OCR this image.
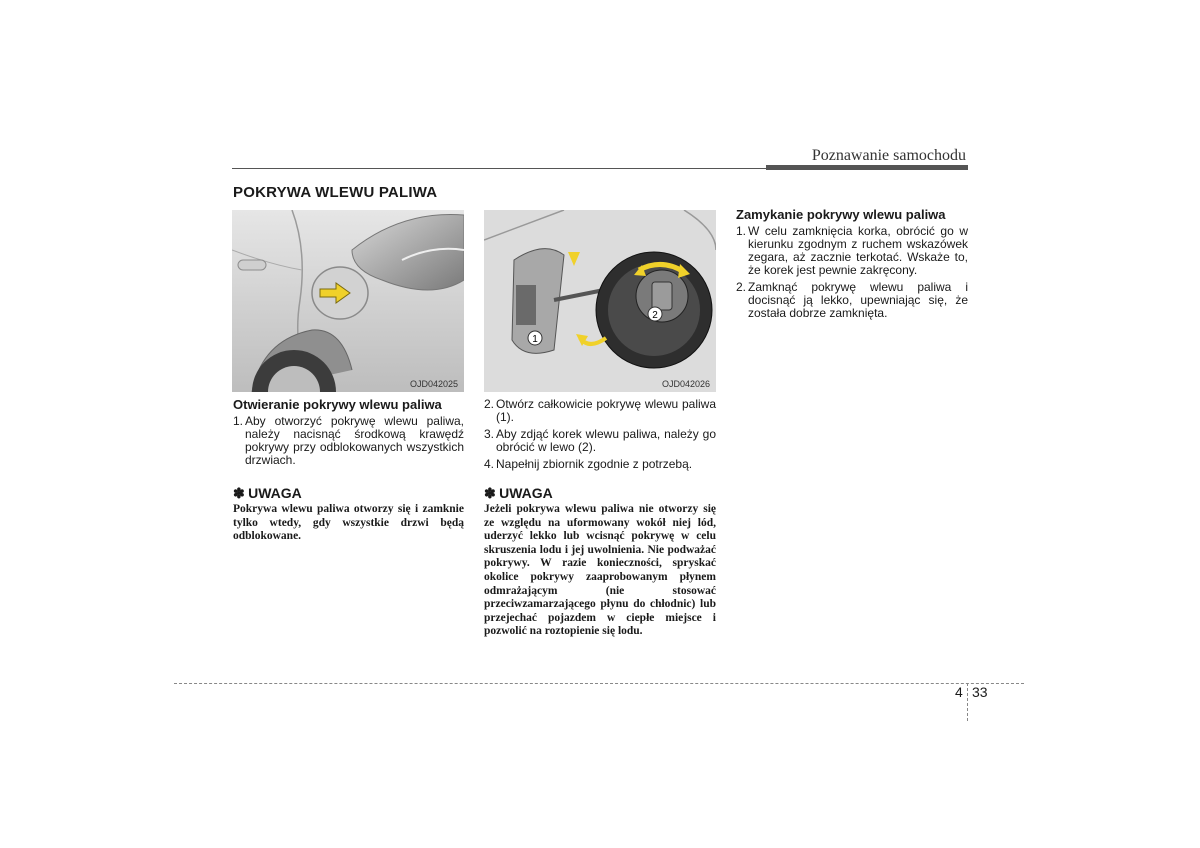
Poznawanie samochodu
POKRYWA WLEWU PALIWA
OJD042025
1
2
OJD042026
Otwieranie pokrywy wlewu paliwa
1. Aby otworzyć pokrywę wlewu paliwa, należy nacisnąć środkową krawędź pokrywy przy odblokowanych wszystkich drzwiach.
✽ UWAGA
Pokrywa wlewu paliwa otworzy się i zamknie tylko wtedy, gdy wszystkie drzwi będą odblokowane.
2. Otwórz całkowicie pokrywę wlewu paliwa (1).
3. Aby zdjąć korek wlewu paliwa, należy go obrócić w lewo (2).
4. Napełnij zbiornik zgodnie z potrzebą.
✽ UWAGA
Jeżeli pokrywa wlewu paliwa nie otworzy się ze względu na uformowany wokół niej lód, uderzyć lekko lub wcisnąć pokrywę w celu skruszenia lodu i jej uwolnienia. Nie podważać pokrywy. W razie konieczności, spryskać okolice pokrywy zaaprobowanym płynem odmrażającym (nie stosować przeciwzamarzającego płynu do chłodnic) lub przejechać pojazdem w ciepłe miejsce i pozwolić na roztopienie się lodu.
Zamykanie pokrywy wlewu paliwa
1. W celu zamknięcia korka, obrócić go w kierunku zgodnym z ruchem wskazówek zegara, aż zacznie terkotać. Wskaże to, że korek jest pewnie zakręcony.
2. Zamknąć pokrywę wlewu paliwa i docisnąć ją lekko, upewniając się, że została dobrze zamknięta.
4 33
